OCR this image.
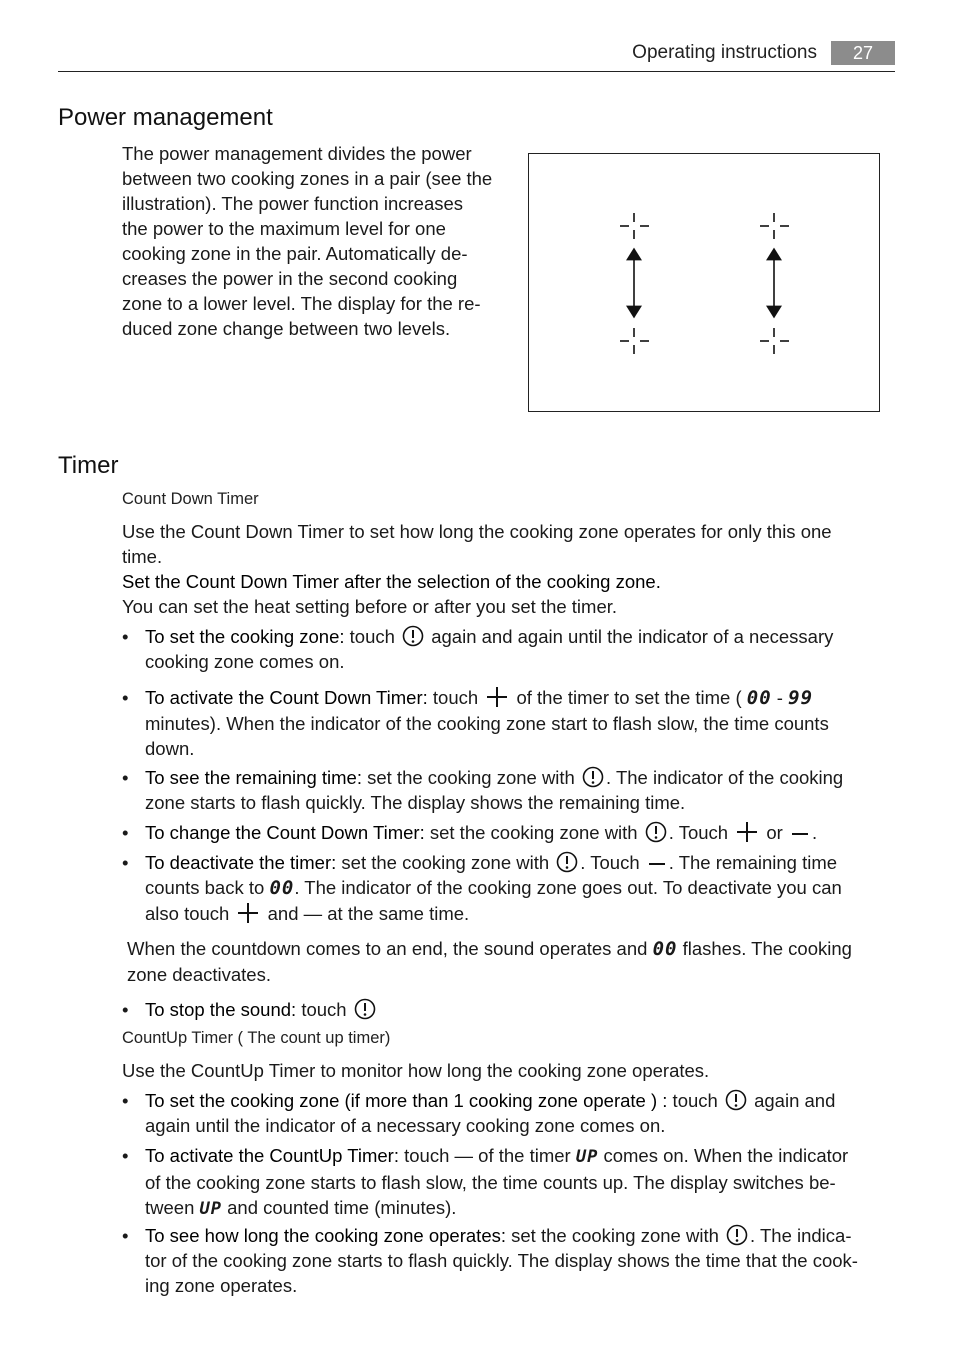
Operating instructions	27
Power management
The power management divides the power
between two cooking zones in a pair (see the
illustration). The power function increases
the power to the maximum level for one
cooking zone in the pair. Automatically de-
creases the power in the second cooking
zone to a lower level. The display for the re-
duced zone change between two levels.
Timer
Count Down Timer
Use the Count Down Timer to set how long the cooking zone operates for only this one
time.
Set the Count Down Timer after the selection of the cooking zone.
You can set the heat setting before or after you set the timer.
• To set the cooking zone: touch
again and again until the indicator of a necessary
cooking zone comes on.
• To activate the Count Down Timer: touch
of the timer to set the time ( 00 - 99
minutes). When the indicator of the cooking zone start to flash slow, the time counts
down.
• To see the remaining time: set the cooking zone with
. The indicator of the cooking
zone starts to flash quickly. The display shows the remaining time.
• To change the Count Down Timer: set the cooking zone with
. Touch
or
.
• To deactivate the timer: set the cooking zone with
. Touch
. The remaining time
counts back to 00. The indicator of the cooking zone goes out. To deactivate you can
also touch
and — at the same time.
When the countdown comes to an end, the sound operates and 00 flashes. The cooking
zone deactivates.
• To stop the sound: touch
CountUp Timer ( The count up timer)
Use the CountUp Timer to monitor how long the cooking zone operates.
• To set the cooking zone (if more than 1 cooking zone operate ) : touch
again and
again until the indicator of a necessary cooking zone comes on.
• To activate the CountUp Timer: touch — of the timer UP comes on. When the indicator
of the cooking zone starts to flash slow, the time counts up. The display switches be-
tween UP and counted time (minutes).
• To see how long the cooking zone operates: set the cooking zone with
. The indica-
tor of the cooking zone starts to flash quickly. The display shows the time that the cook-
ing zone operates.
